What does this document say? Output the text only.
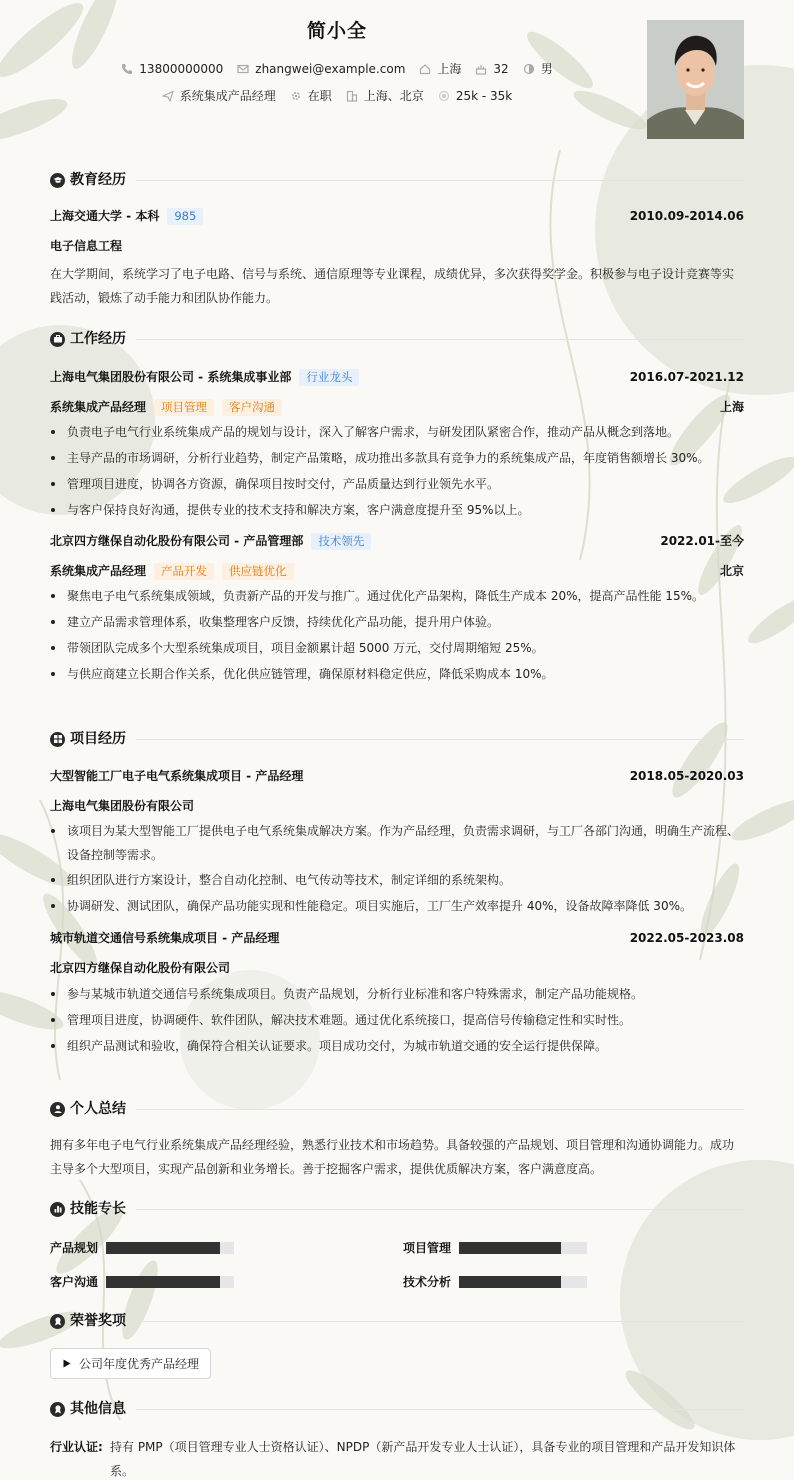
简小全
13800000000	zhangwei@example.com	上海	32	男
系统集成产品经理	在职	上海、北京	25k - 35k
教育经历
上海交通大学 - 本科	985	2010.09-2014.06
电子信息工程
在大学期间，系统学习了电子电路、信号与系统、通信原理等专业课程，成绩优异，多次获得奖学金。积极参与电子设计竞赛等实践活动，锻炼了动手能力和团队协作能力。
工作经历
上海电气集团股份有限公司 - 系统集成事业部	行业龙头	2016.07-2021.12
系统集成产品经理	项目管理	客户沟通	上海
负责电子电气行业系统集成产品的规划与设计，深入了解客户需求，与研发团队紧密合作，推动产品从概念到落地。
主导产品的市场调研，分析行业趋势，制定产品策略，成功推出多款具有竞争力的系统集成产品，年度销售额增长 30%。
管理项目进度，协调各方资源，确保项目按时交付，产品质量达到行业领先水平。
与客户保持良好沟通，提供专业的技术支持和解决方案，客户满意度提升至 95%以上。
北京四方继保自动化股份有限公司 - 产品管理部	技术领先	2022.01-至今
系统集成产品经理	产品开发	供应链优化	北京
聚焦电子电气系统集成领域，负责新产品的开发与推广。通过优化产品架构，降低生产成本 20%，提高产品性能 15%。
建立产品需求管理体系，收集整理客户反馈，持续优化产品功能，提升用户体验。
带领团队完成多个大型系统集成项目，项目金额累计超 5000 万元，交付周期缩短 25%。
与供应商建立长期合作关系，优化供应链管理，确保原材料稳定供应，降低采购成本 10%。
项目经历
大型智能工厂电子电气系统集成项目 - 产品经理	2018.05-2020.03
上海电气集团股份有限公司
该项目为某大型智能工厂提供电子电气系统集成解决方案。作为产品经理，负责需求调研，与工厂各部门沟通，明确生产流程、设备控制等需求。
组织团队进行方案设计，整合自动化控制、电气传动等技术，制定详细的系统架构。
协调研发、测试团队，确保产品功能实现和性能稳定。项目实施后，工厂生产效率提升 40%，设备故障率降低 30%。
城市轨道交通信号系统集成项目 - 产品经理	2022.05-2023.08
北京四方继保自动化股份有限公司
参与某城市轨道交通信号系统集成项目。负责产品规划，分析行业标准和客户特殊需求，制定产品功能规格。
管理项目进度，协调硬件、软件团队，解决技术难题。通过优化系统接口，提高信号传输稳定性和实时性。
组织产品测试和验收，确保符合相关认证要求。项目成功交付，为城市轨道交通的安全运行提供保障。
个人总结
拥有多年电子电气行业系统集成产品经理经验，熟悉行业技术和市场趋势。具备较强的产品规划、项目管理和沟通协调能力。成功主导多个大型项目，实现产品创新和业务增长。善于挖掘客户需求，提供优质解决方案，客户满意度高。
技能专长
产品规划	项目管理
客户沟通	技术分析
荣誉奖项
公司年度优秀产品经理
其他信息
行业认证: 持有 PMP（项目管理专业人士资格认证）、NPDP（新产品开发专业人士认证），具备专业的项目管理和产品开发知识体系。
